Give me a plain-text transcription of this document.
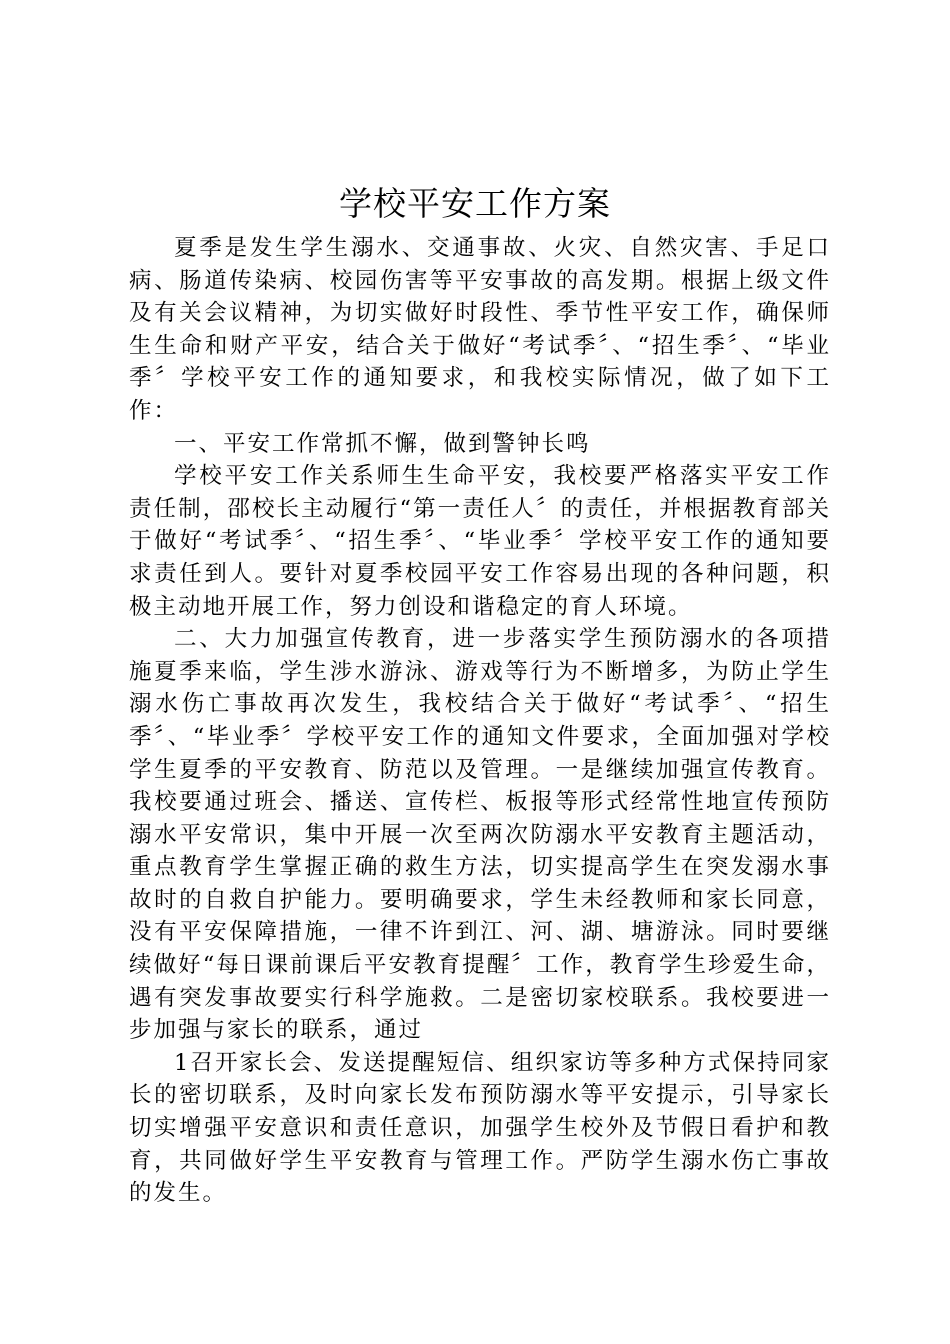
学校平安工作方案

夏季是发生学生溺水、交通事故、火灾、自然灾害、手足口病、肠道传染病、校园伤害等平安事故的高发期。根据上级文件及有关会议精神，为切实做好时段性、季节性平安工作，确保师生生命和财产平安，结合关于做好“考试季〞、“招生季〞、“毕业季〞学校平安工作的通知要求，和我校实际情况，做了如下工作：

一、平安工作常抓不懈，做到警钟长鸣

学校平安工作关系师生生命平安，我校要严格落实平安工作责任制，邵校长主动履行“第一责任人〞的责任，并根据教育部关于做好“考试季〞、“招生季〞、“毕业季〞学校平安工作的通知要求责任到人。要针对夏季校园平安工作容易出现的各种问题，积极主动地开展工作，努力创设和谐稳定的育人环境。

二、大力加强宣传教育，进一步落实学生预防溺水的各项措施夏季来临，学生涉水游泳、游戏等行为不断增多，为防止学生溺水伤亡事故再次发生，我校结合关于做好“考试季〞、“招生季〞、“毕业季〞学校平安工作的通知文件要求，全面加强对学校学生夏季的平安教育、防范以及管理。一是继续加强宣传教育。我校要通过班会、播送、宣传栏、板报等形式经常性地宣传预防溺水平安常识，集中开展一次至两次防溺水平安教育主题活动，重点教育学生掌握正确的救生方法，切实提高学生在突发溺水事故时的自救自护能力。要明确要求，学生未经教师和家长同意，没有平安保障措施，一律不许到江、河、湖、塘游泳。同时要继续做好“每日课前课后平安教育提醒〞工作，教育学生珍爱生命，遇有突发事故要实行科学施救。二是密切家校联系。我校要进一步加强与家长的联系，通过

1召开家长会、发送提醒短信、组织家访等多种方式保持同家长的密切联系，及时向家长发布预防溺水等平安提示，引导家长切实增强平安意识和责任意识，加强学生校外及节假日看护和教育，共同做好学生平安教育与管理工作。严防学生溺水伤亡事故的发生。
